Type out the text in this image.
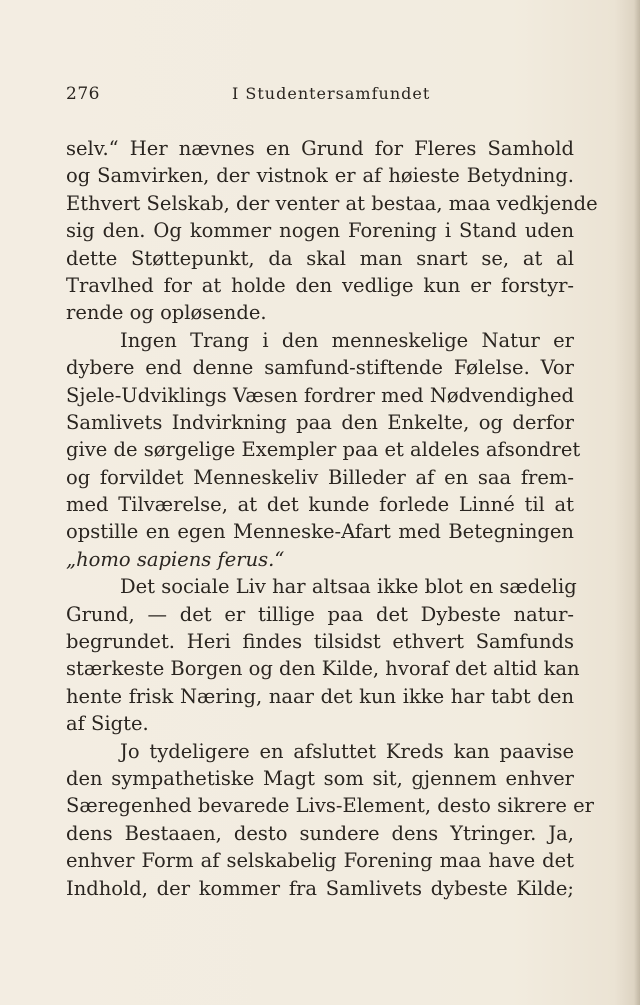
276	I Studentersamfundet
selv.“ Her nævnes en Grund for Fleres Samhold
og Samvirken, der vistnok er af høieste Betydning.
Ethvert Selskab, der venter at bestaa, maa vedkjende
sig den. Og kommer nogen Forening i Stand uden
dette Støttepunkt, da skal man snart se, at al
Travlhed for at holde den vedlige kun er forstyr-
rende og opløsende.
Ingen Trang i den menneskelige Natur er
dybere end denne samfund-stiftende Følelse. Vor
Sjele-Udviklings Væsen fordrer med Nødvendighed
Samlivets Indvirkning paa den Enkelte, og derfor
give de sørgelige Exempler paa et aldeles afsondret
og forvildet Menneskeliv Billeder af en saa frem-
med Tilværelse, at det kunde forlede Linné til at
opstille en egen Menneske-Afart med Betegningen
„homo sapiens ferus.“
Det sociale Liv har altsaa ikke blot en sædelig
Grund, — det er tillige paa det Dybeste natur-
begrundet. Heri findes tilsidst ethvert Samfunds
stærkeste Borgen og den Kilde, hvoraf det altid kan
hente frisk Næring, naar det kun ikke har tabt den
af Sigte.
Jo tydeligere en afsluttet Kreds kan paavise
den sympathetiske Magt som sit, gjennem enhver
Særegenhed bevarede Livs-Element, desto sikrere er
dens Bestaaen, desto sundere dens Ytringer. Ja,
enhver Form af selskabelig Forening maa have det
Indhold, der kommer fra Samlivets dybeste Kilde;
